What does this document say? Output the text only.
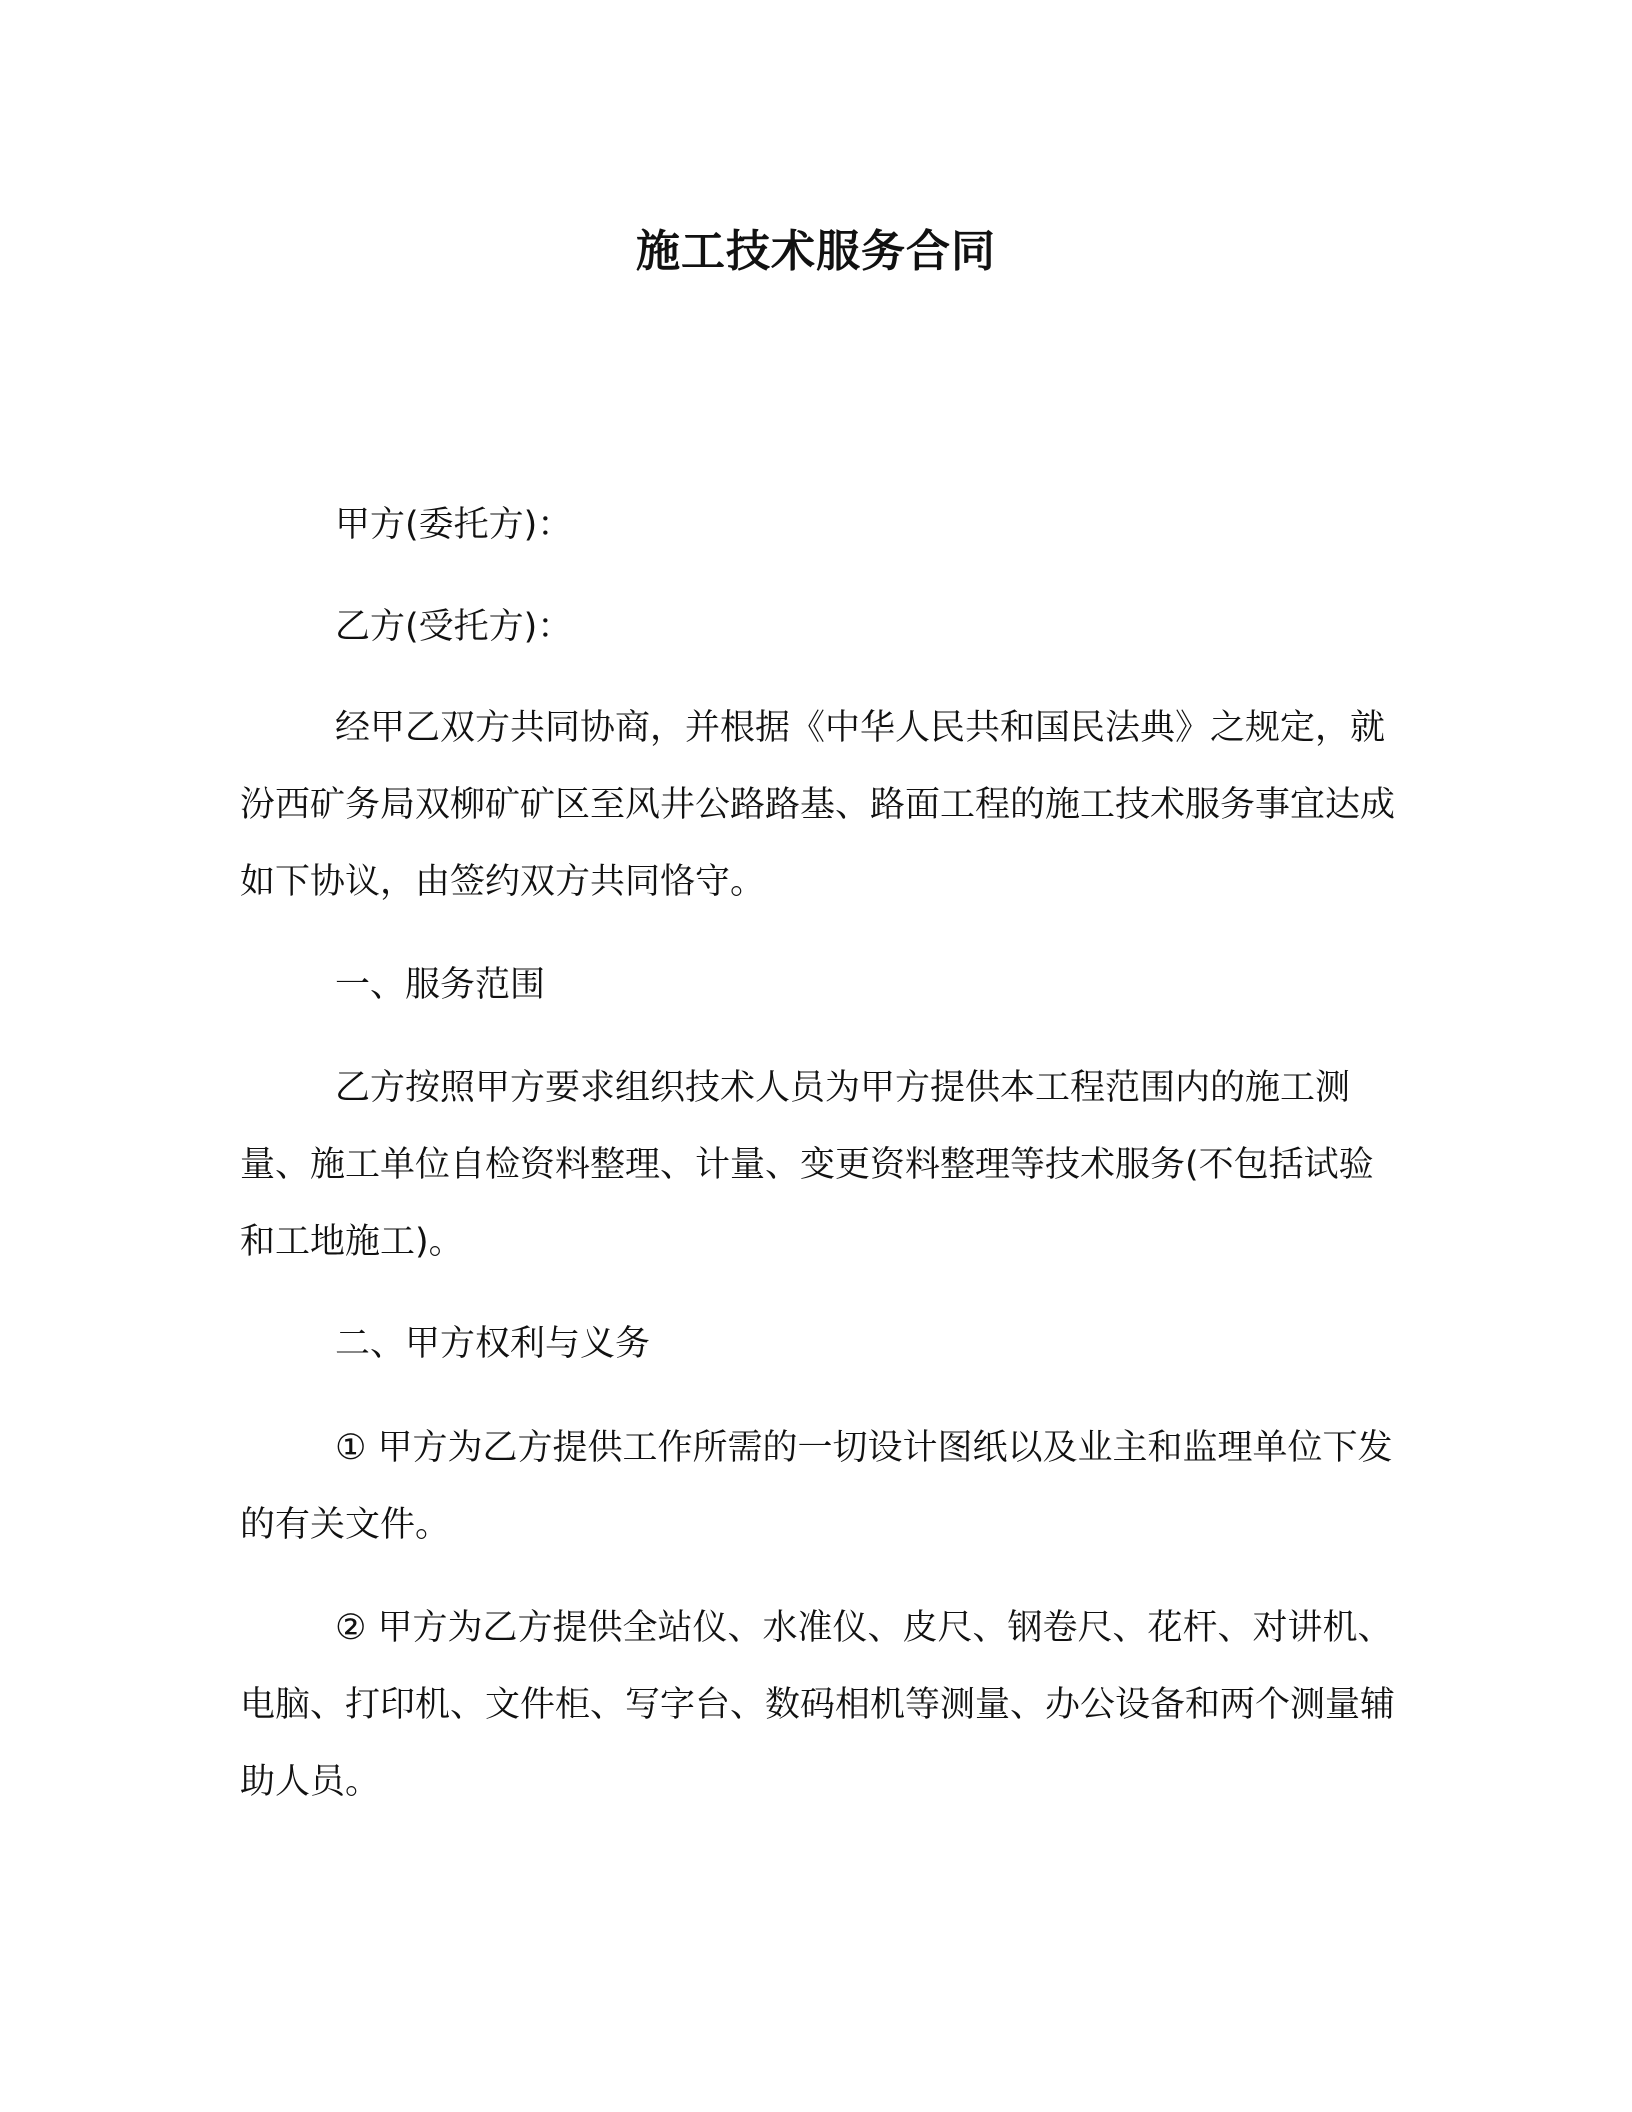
施工技术服务合同

甲方(委托方)：

乙方(受托方)：

经甲乙双方共同协商，并根据《中华人民共和国民法典》之规定，就汾西矿务局双柳矿矿区至风井公路路基、路面工程的施工技术服务事宜达成如下协议，由签约双方共同恪守。

一、服务范围

乙方按照甲方要求组织技术人员为甲方提供本工程范围内的施工测量、施工单位自检资料整理、计量、变更资料整理等技术服务(不包括试验和工地施工)。

二、甲方权利与义务

① 甲方为乙方提供工作所需的一切设计图纸以及业主和监理单位下发的有关文件。

② 甲方为乙方提供全站仪、水准仪、皮尺、钢卷尺、花杆、对讲机、电脑、打印机、文件柜、写字台、数码相机等测量、办公设备和两个测量辅助人员。
